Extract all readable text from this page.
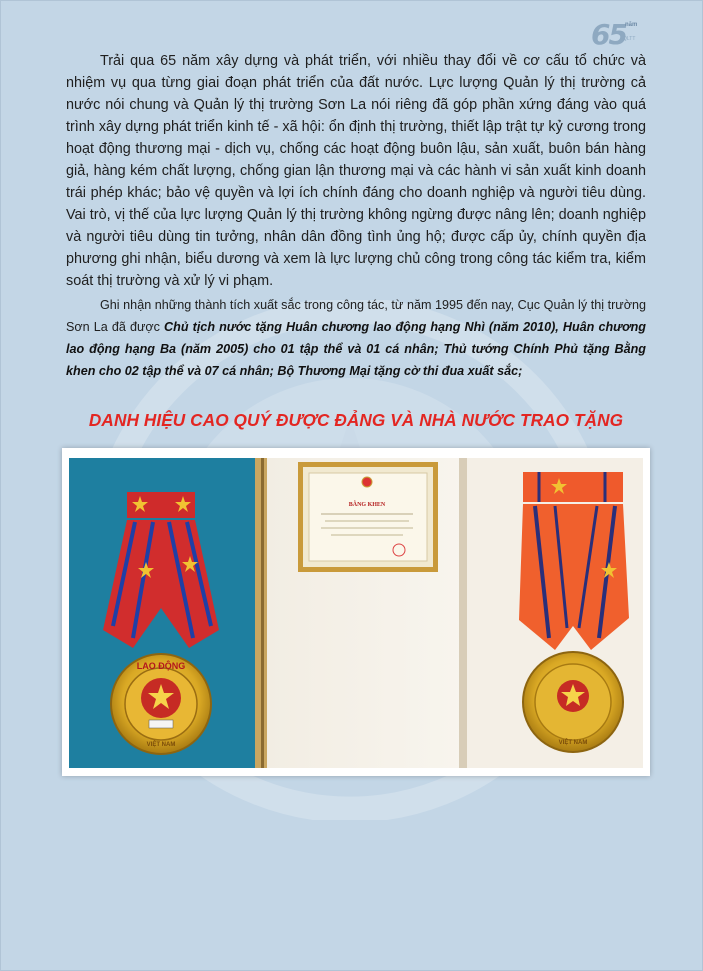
65 năm
QLTT

Trải qua 65 năm xây dựng và phát triển, với nhiều thay đổi về cơ cấu tổ chức và nhiệm vụ qua từng giai đoạn phát triển của đất nước. Lực lượng Quản lý thị trường cả nước nói chung và Quản lý thị trường Sơn La nói riêng đã góp phần xứng đáng vào quá trình xây dựng phát triển kinh tế - xã hội: ổn định thị trường, thiết lập trật tự kỷ cương trong hoạt động thương mại - dịch vụ, chống các hoạt động buôn lậu, sản xuất, buôn bán hàng giả, hàng kém chất lượng, chống gian lận thương mại và các hành vi sản xuất kinh doanh trái phép khác; bảo vệ quyền và lợi ích chính đáng cho doanh nghiệp và người tiêu dùng. Vai trò, vị thế của lực lượng Quản lý thị trường không ngừng được nâng lên; doanh nghiệp và người tiêu dùng tin tưởng, nhân dân đồng tình ủng hộ; được cấp ủy, chính quyền địa phương ghi nhận, biểu dương và xem là lực lượng chủ công trong công tác kiểm tra, kiểm soát thị trường và xử lý vi phạm.

Ghi nhận những thành tích xuất sắc trong công tác, từ năm 1995 đến nay, Cục Quản lý thị trường Sơn La đã được Chủ tịch nước tặng Huân chương lao động hạng Nhì (năm 2010), Huân chương lao động hạng Ba (năm 2005) cho 01 tập thể và 01 cá nhân; Thủ tướng Chính Phủ tặng Bằng khen cho 02 tập thể và 07 cá nhân; Bộ Thương Mại tặng cờ thi đua xuất sắc;

DANH HIỆU CAO QUÝ ĐƯỢC ĐẢNG VÀ NHÀ NƯỚC TRAO TẶNG

LAO ĐỘNG
VIỆT NAM
BẰNG KHEN
VIỆT NAM
